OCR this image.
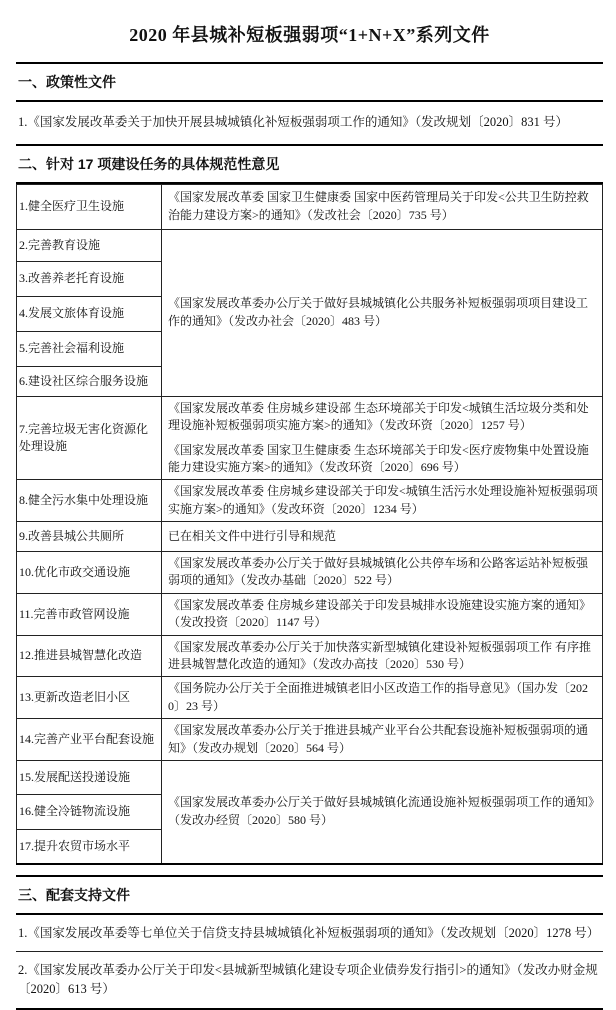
2020 年县城补短板强弱项“1+N+X”系列文件
一、政策性文件
1.《国家发展改革委关于加快开展县城城镇化补短板强弱项工作的通知》（发改规划〔2020〕831 号）
二、针对 17 项建设任务的具体规范性意见
1.健全医疗卫生设施	《国家发展改革委 国家卫生健康委 国家中医药管理局关于印发<公共卫生防控救治能力建设方案>的通知》（发改社会〔2020〕735 号）
2.完善教育设施	《国家发展改革委办公厅关于做好县城城镇化公共服务补短板强弱项项目建设工作的通知》（发改办社会〔2020〕483 号）
3.改善养老托育设施	
4.发展文旅体育设施	
5.完善社会福利设施	
6.建设社区综合服务设施	
7.完善垃圾无害化资源化处理设施	《国家发展改革委 住房城乡建设部 生态环境部关于印发<城镇生活垃圾分类和处理设施补短板强弱项实施方案>的通知》（发改环资〔2020〕1257 号）

《国家发展改革委 国家卫生健康委 生态环境部关于印发<医疗废物集中处置设施能力建设实施方案>的通知》（发改环资〔2020〕696 号）

8.健全污水集中处理设施	《国家发展改革委 住房城乡建设部关于印发<城镇生活污水处理设施补短板强弱项实施方案>的通知》（发改环资〔2020〕1234 号）
9.改善县城公共厕所	已在相关文件中进行引导和规范
10.优化市政交通设施	《国家发展改革委办公厅关于做好县城城镇化公共停车场和公路客运站补短板强弱项的通知》（发改办基础〔2020〕522 号）
11.完善市政管网设施	《国家发展改革委 住房城乡建设部关于印发县城排水设施建设实施方案的通知》（发改投资〔2020〕1147 号）
12.推进县城智慧化改造	《国家发展改革委办公厅关于加快落实新型城镇化建设补短板强弱项工作 有序推进县城智慧化改造的通知》（发改办高技〔2020〕530 号）
13.更新改造老旧小区	《国务院办公厅关于全面推进城镇老旧小区改造工作的指导意见》（国办发〔2020〕23 号）
14.完善产业平台配套设施	《国家发展改革委办公厅关于推进县城产业平台公共配套设施补短板强弱项的通知》（发改办规划〔2020〕564 号）
15.发展配送投递设施	《国家发展改革委办公厅关于做好县城城镇化流通设施补短板强弱项工作的通知》（发改办经贸〔2020〕580 号）
16.健全冷链物流设施	
17.提升农贸市场水平	
三、配套支持文件
1.《国家发展改革委等七单位关于信贷支持县城城镇化补短板强弱项的通知》（发改规划〔2020〕1278 号）
2.《国家发展改革委办公厅关于印发<县城新型城镇化建设专项企业债券发行指引>的通知》（发改办财金规〔2020〕613 号）
